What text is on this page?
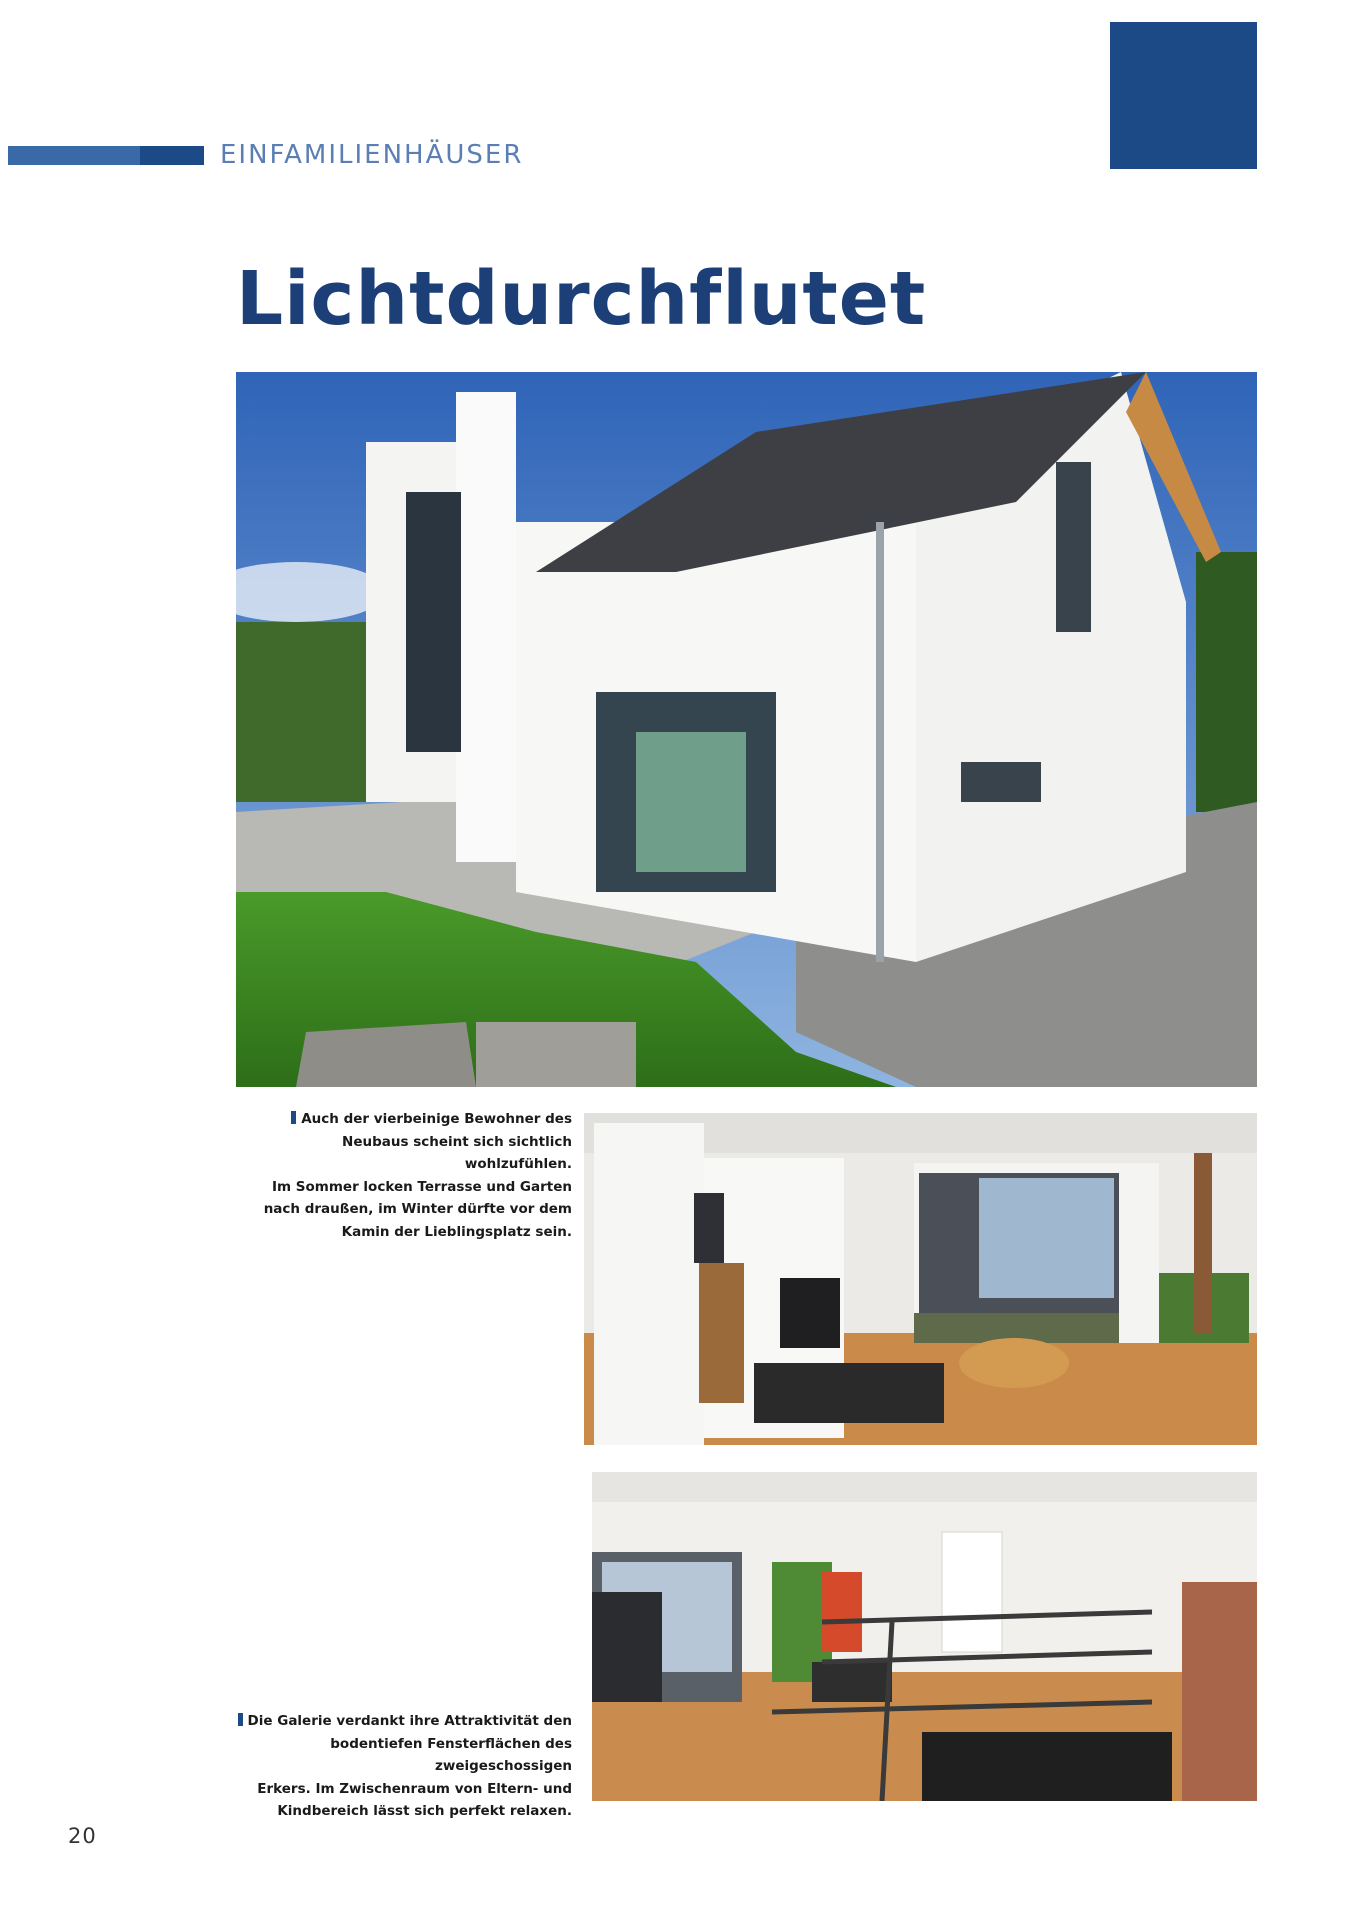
EINFAMILIENHÄUSER
Lichtdurchflutet
Auch der vierbeinige Bewohner des
Neubaus scheint sich sichtlich wohlzufühlen.
Im Sommer locken Terrasse und Garten
nach draußen, im Winter dürfte vor dem
Kamin der Lieblingsplatz sein.
Die Galerie verdankt ihre Attraktivität den
bodentiefen Fensterflächen des zweigeschossigen
Erkers. Im Zwischenraum von Eltern- und
Kindbereich lässt sich perfekt relaxen.
20
